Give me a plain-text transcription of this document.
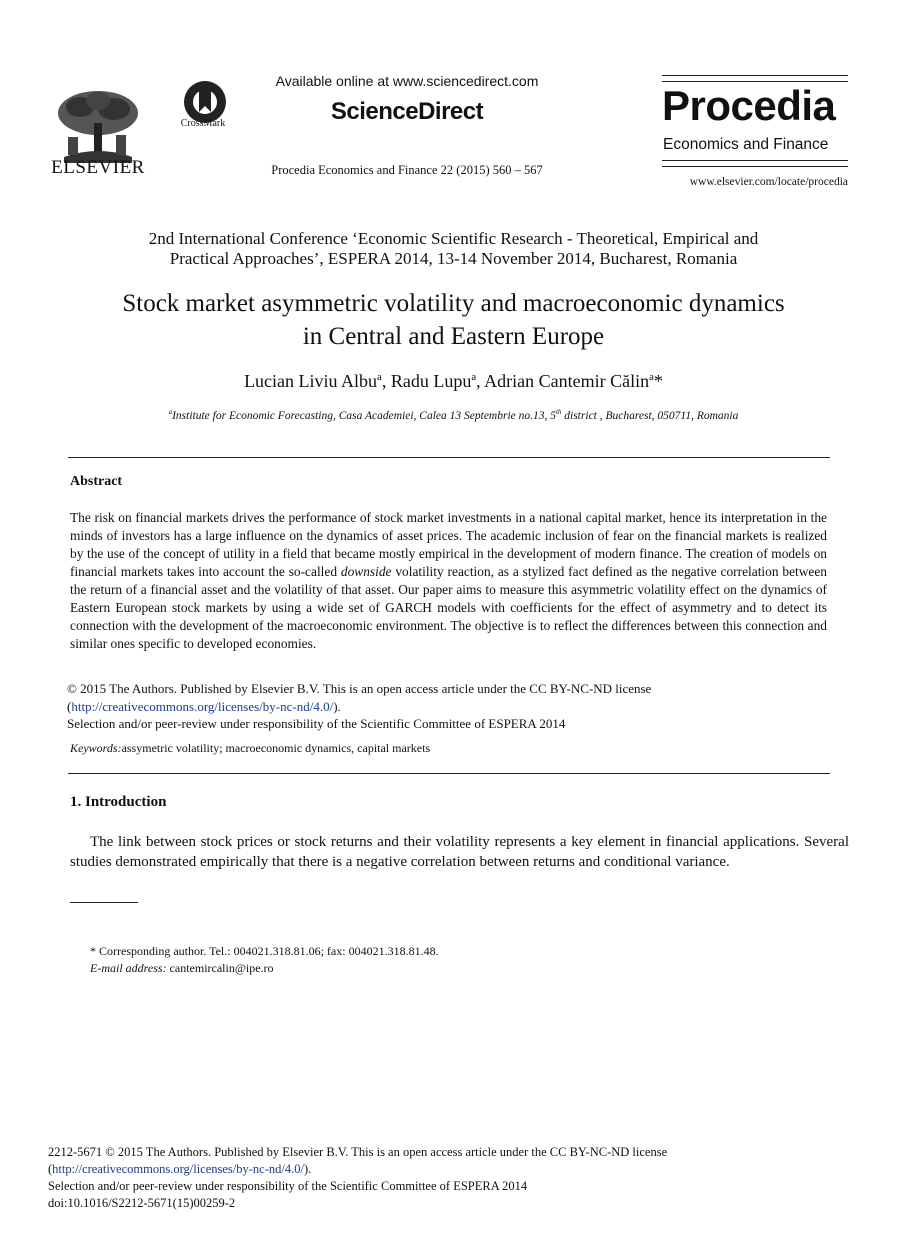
ELSEVIER
CrossMark
Available online at www.sciencedirect.com
ScienceDirect
Procedia Economics and Finance 22 (2015) 560 – 567
Procedia
Economics and Finance
www.elsevier.com/locate/procedia
2nd International Conference ‘Economic Scientific Research - Theoretical, Empirical and
Practical Approaches’, ESPERA 2014, 13-14 November 2014, Bucharest, Romania
Stock market asymmetric volatility and macroeconomic dynamics
in Central and Eastern Europe
Lucian Liviu Albu$^a$, Radu Lupu$^a$, Adrian Cantemir Călin$^a$*
$^a$Institute for Economic Forecasting, Casa Academiei, Calea 13 Septembrie no.13, 5th district , Bucharest, 050711, Romania
Abstract
The risk on financial markets drives the performance of stock market investments in a national capital market, hence its interpretation in the minds of investors has a large influence on the dynamics of asset prices. The academic inclusion of fear on the financial markets is realized by the use of the concept of utility in a field that became mostly empirical in the development of modern finance. The creation of models on financial markets takes into account the so-called downside volatility reaction, as a stylized fact defined as the negative correlation between the return of a financial asset and the volatility of that asset. Our paper aims to measure this asymmetric volatility effect on the dynamics of Eastern European stock markets by using a wide set of GARCH models with coefficients for the effect of asymmetry and to detect its connection with the development of the macroeconomic environment. The objective is to reflect the differences between this connection and similar ones specific to developed economies.
© 2015 The Authors. Published by Elsevier B.V. This is an open access article under the CC BY-NC-ND license
(http://creativecommons.org/licenses/by-nc-nd/4.0/).
Selection and/or peer-review under responsibility of the Scientific Committee of ESPERA 2014
Keywords:assymetric volatility; macroeconomic dynamics, capital markets
1. Introduction
The link between stock prices or stock returns and their volatility represents a key element in financial applications. Several studies demonstrated empirically that there is a negative correlation between returns and conditional variance.
* Corresponding author. Tel.: 004021.318.81.06; fax: 004021.318.81.48.
E-mail address: cantemircalin@ipe.ro
2212-5671 © 2015 The Authors. Published by Elsevier B.V. This is an open access article under the CC BY-NC-ND license
(http://creativecommons.org/licenses/by-nc-nd/4.0/).
Selection and/or peer-review under responsibility of the Scientific Committee of ESPERA 2014
doi:10.1016/S2212-5671(15)00259-2
